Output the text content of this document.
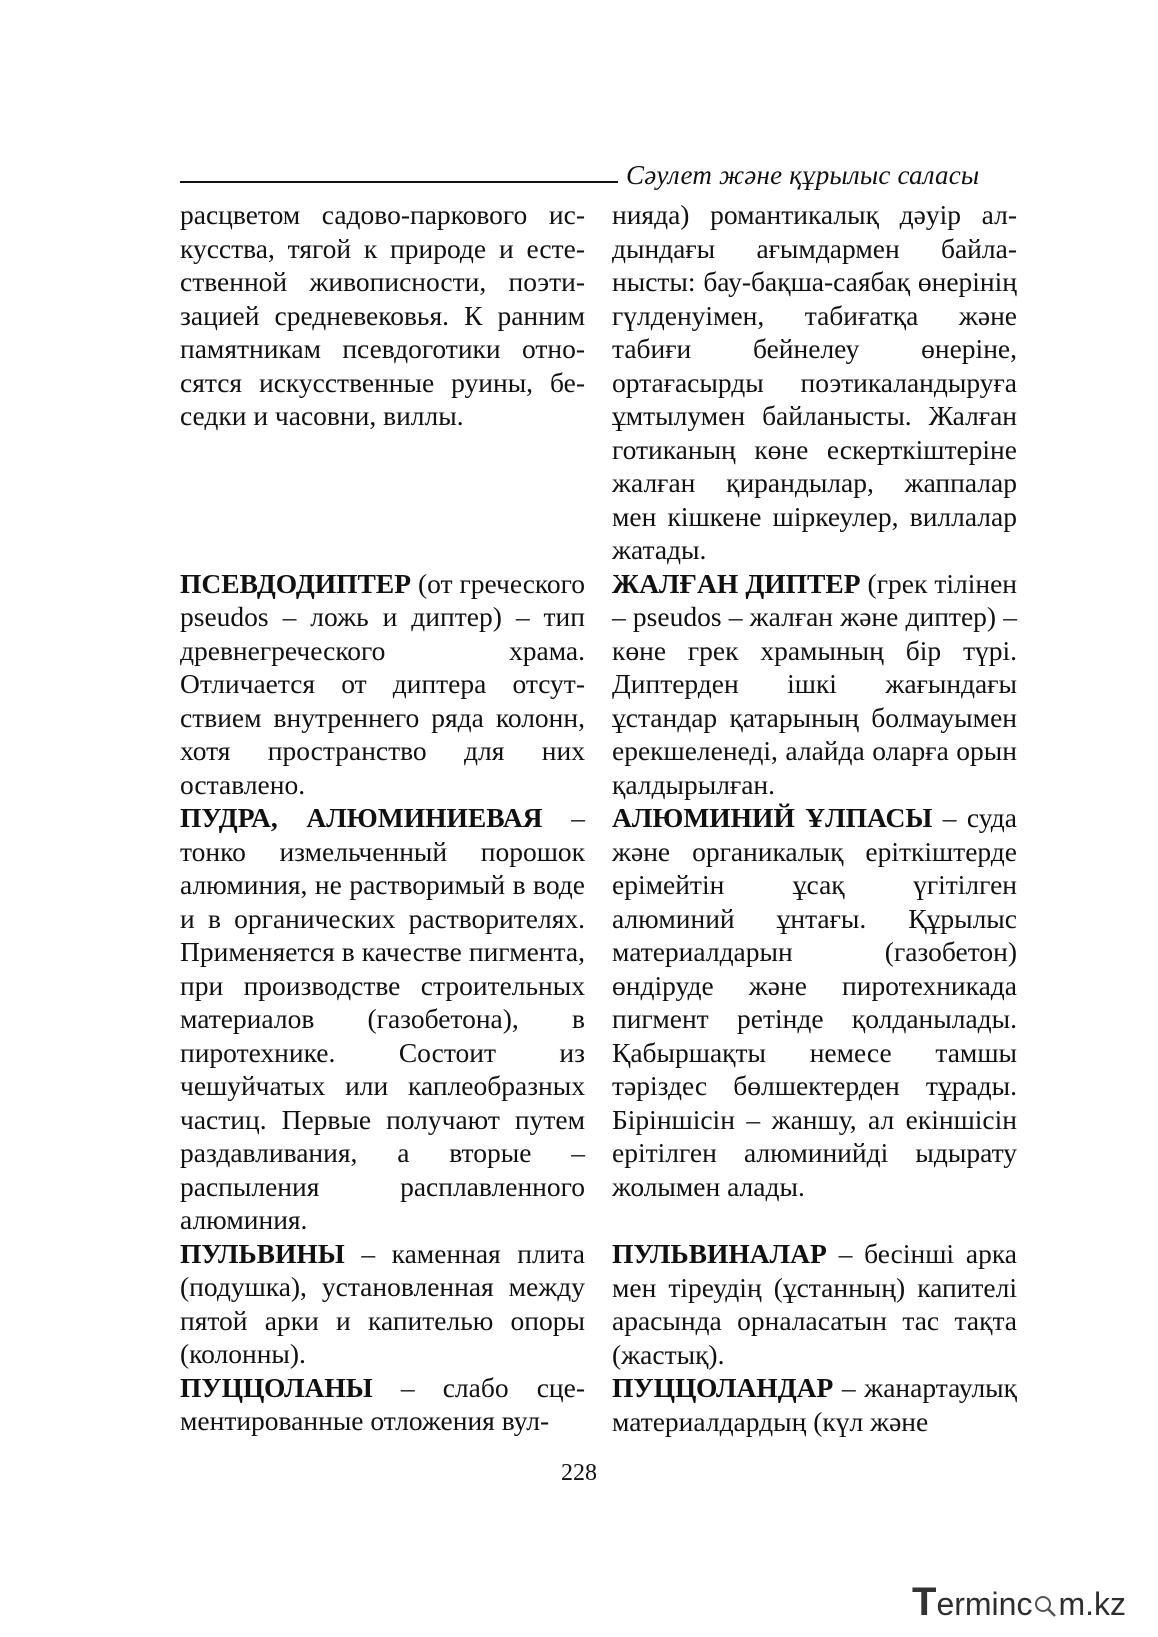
Сәулет және құрылыс саласы

расцветом садово-паркового искусства, тягой к природе и естественной живописности, поэтизацией средневековья. К ранним памятникам псевдоготики относятся искусственные руины, беседки и часовни, виллы.

ПСЕВДОДИПТЕР (от греческого pseudos – ложь и диптер) – тип древнегреческого храма. Отличается от диптера отсутствием внутреннего ряда колонн, хотя пространство для них оставлено.

ПУДРА, АЛЮМИНИЕВАЯ – тонко измельченный порошок алюминия, не растворимый в воде и в органических растворителях. Применяется в качестве пигмента, при производстве строительных материалов (газобетона), в пиротехнике. Состоит из чешуйчатых или каплеобразных частиц. Первые получают путем раздавливания, а вторые – распыления расплавленного алюминия.

ПУЛЬВИНЫ – каменная плита (подушка), установленная между пятой арки и капителью опоры (колонны).

ПУЦЦОЛАНЫ – слабо сцементированные отложения вул-

нияда) романтикалық дәуір алдындағы ағымдармен байланысты: бау-бақша-саябақ өнерінің гүлденуімен, табиғатқа және табиғи бейнелеу өнеріне, ортағасырды поэтикаландыруға ұмтылумен байланысты. Жалған готиканың көне ескерткіштеріне жалған қирандылар, жаппалар мен кішкене шіркеулер, виллалар жатады.

ЖАЛҒАН ДИПТЕР (грек тілінен – pseudos – жалған және диптер) – көне грек храмының бір түрі. Диптерден ішкі жағындағы ұстандар қатарының болмауымен ерекшеленеді, алайда оларға орын қалдырылған.

АЛЮМИНИЙ ҰЛПАСЫ – суда және органикалық еріткіштерде ерімейтін ұсақ үгітілген алюминий ұнтағы. Құрылыс материалдарын (газобетон) өндіруде және пиротехникада пигмент ретінде қолданылады. Қабыршақты немесе тамшы тәріздес бөлшектерден тұрады. Біріншісін – жаншу, ал екіншісін ерітілген алюминийді ыдырату жолымен алады.

ПУЛЬВИНАЛАР – бесінші арка мен тіреудің (ұстанның) капителі арасында орналасатын тас тақта (жастық).

ПУЦЦОЛАНДАР – жанартаулық материалдардың (күл және

228
T ermin c m.kz
